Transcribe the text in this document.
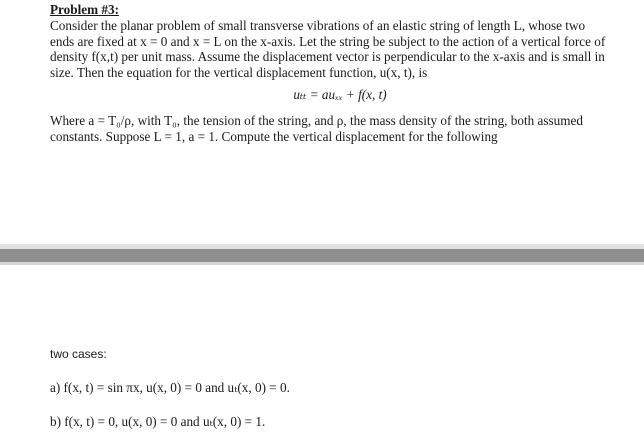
Problem #3:
Consider the planar problem of small transverse vibrations of an elastic string of length L, whose two ends are fixed at x = 0 and x = L on the x-axis. Let the string be subject to the action of a vertical force of density f(x,t) per unit mass. Assume the displacement vector is perpendicular to the x-axis and is small in size. Then the equation for the vertical displacement function, u(x, t), is
uₜₜ = auₓₓ + f(x, t)
Where a = T₀/ρ, with T₀, the tension of the string, and ρ, the mass density of the string, both assumed constants. Suppose L = 1, a = 1. Compute the vertical displacement for the following
two cases:
a) f(x, t) = sin πx, u(x, 0) = 0 and uₜ(x, 0) = 0.
b) f(x, t) = 0, u(x, 0) = 0 and uₜ(x, 0) = 1.
